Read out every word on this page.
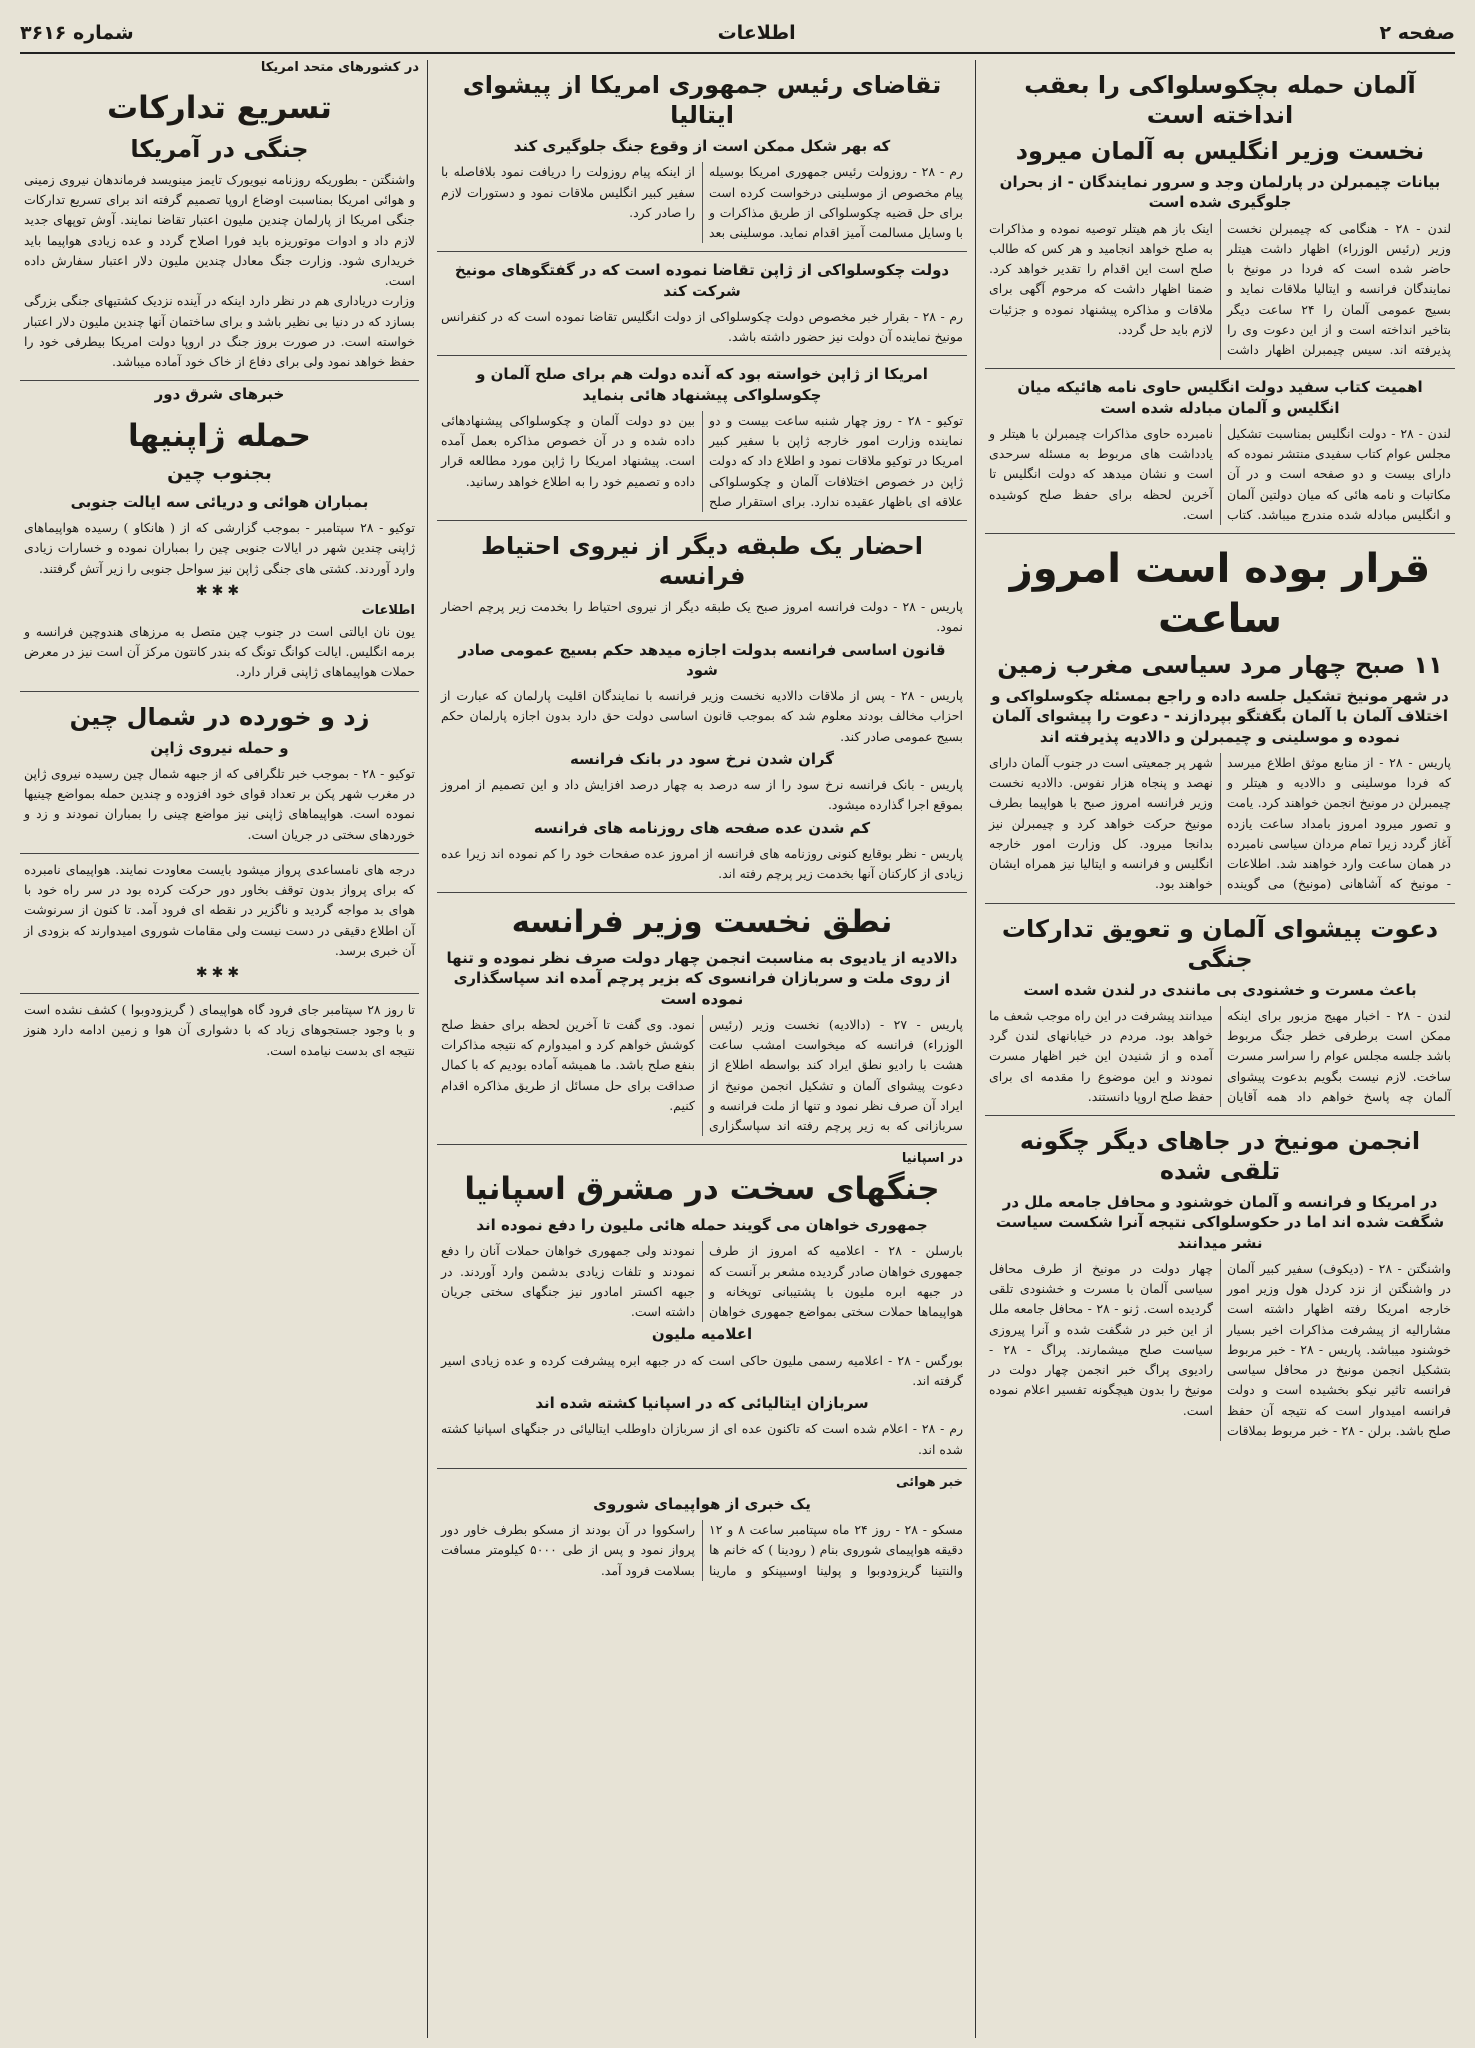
صفحه ۲
اطلاعات
شماره ۳۶۱۶
آلمان حمله بچکوسلواکی را بعقب انداخته است
نخست وزیر انگلیس به آلمان میرود
بیانات چیمبرلن در پارلمان وجد و سرور نمایندگان - از بحران جلوگیری شده است

لندن - ۲۸ - هنگامی که چیمبرلن نخست وزیر (رئیس الوزراء) اظهار داشت هیتلر حاضر شده است که فردا در مونیخ با نمایندگان فرانسه و ایتالیا ملاقات نماید و بسیج عمومی آلمان را ۲۴ ساعت دیگر بتاخیر انداخته است و از این دعوت وی را پذیرفته اند. سیس چیمبرلن اظهار داشت اینک باز هم هیتلر توصیه نموده و مذاکرات به صلح خواهد انجامید و هر کس که طالب صلح است این اقدام را تقدیر خواهد کرد. ضمنا اظهار داشت که مرحوم آگهی برای ملاقات و مذاکره پیشنهاد نموده و جزئیات لازم باید حل گردد.

اهمیت کتاب سفید دولت انگلیس حاوی نامه هائیکه میان انگلیس و آلمان مبادله شده است

لندن - ۲۸ - دولت انگلیس بمناسبت تشکیل مجلس عوام کتاب سفیدی منتشر نموده که دارای بیست و دو صفحه است و در آن مکاتبات و نامه هائی که میان دولتین آلمان و انگلیس مبادله شده مندرج میباشد. کتاب نامبرده حاوی مذاکرات چیمبرلن با هیتلر و یادداشت های مربوط به مسئله سرحدی است و نشان میدهد که دولت انگلیس تا آخرین لحظه برای حفظ صلح کوشیده است.

قرار بوده است امروز ساعت
۱۱ صبح چهار مرد سیاسی مغرب زمین
در شهر مونیخ تشکیل جلسه داده و راجع بمسئله چکوسلواکی و اختلاف آلمان با آلمان بگفتگو بپردازند - دعوت را پیشوای آلمان نموده و موسلینی و چیمبرلن و دالادیه پذیرفته اند

پاریس - ۲۸ - از منابع موثق اطلاع میرسد که فردا موسلینی و دالادیه و هیتلر و چیمبرلن در مونیخ انجمن خواهند کرد. یامت و تصور میرود امروز بامداد ساعت یازده آغاز گردد زیرا تمام مردان سیاسی نامبرده در همان ساعت وارد خواهند شد. اطلاعات - مونیخ که آشاهانی (مونیخ) می گوینده شهر پر جمعیتی است در جنوب آلمان دارای نهصد و پنجاه هزار نفوس. دالادیه نخست وزیر فرانسه امروز صبح با هواپیما بطرف مونیخ حرکت خواهد کرد و چیمبرلن نیز بدانجا میرود. کل وزارت امور خارجه انگلیس و فرانسه و ایتالیا نیز همراه ایشان خواهند بود.

دعوت پیشوای آلمان و تعویق تدارکات جنگی
باعث مسرت و خشنودی بی مانندی در لندن شده است

لندن - ۲۸ - اخبار مهیج مزبور برای اینکه ممکن است برطرفی خطر جنگ مربوط باشد جلسه مجلس عوام را سراسر مسرت ساخت. لازم نیست بگویم بدعوت پیشوای آلمان چه پاسخ خواهم داد همه آقایان میدانند پیشرفت در این راه موجب شعف ما خواهد بود. مردم در خیابانهای لندن گرد آمده و از شنیدن این خبر اظهار مسرت نمودند و این موضوع را مقدمه ای برای حفظ صلح اروپا دانستند.

انجمن مونیخ در جاهای دیگر چگونه تلقی شده
در امریکا و فرانسه و آلمان خوشنود و محافل جامعه ملل در شگفت شده اند اما در حکوسلواکی نتیجه آنرا شکست سیاست نشر میدانند

واشنگتن - ۲۸ - (دیکوف) سفیر کبیر آلمان در واشنگتن از نزد کردل هول وزیر امور خارجه امریکا رفته اظهار داشته است مشارالیه از پیشرفت مذاکرات اخیر بسیار خوشنود میباشد. پاریس - ۲۸ - خبر مربوط بتشکیل انجمن مونیخ در محافل سیاسی فرانسه تاثیر نیکو بخشیده است و دولت فرانسه امیدوار است که نتیجه آن حفظ صلح باشد. برلن - ۲۸ - خبر مربوط بملاقات چهار دولت در مونیخ از طرف محافل سیاسی آلمان با مسرت و خشنودی تلقی گردیده است. ژنو - ۲۸ - محافل جامعه ملل از این خبر در شگفت شده و آنرا پیروزی سیاست صلح میشمارند. پراگ - ۲۸ - رادیوی پراگ خبر انجمن چهار دولت در مونیخ را بدون هیچگونه تفسیر اعلام نموده است.

تقاضای رئیس جمهوری امریکا از پیشوای ایتالیا
که بهر شکل ممکن است از وقوع جنگ جلوگیری کند

رم - ۲۸ - روزولت رئیس جمهوری امریکا بوسیله پیام مخصوص از موسلینی درخواست کرده است برای حل قضیه چکوسلواکی از طریق مذاکرات و با وسایل مسالمت آمیز اقدام نماید. موسلینی بعد از اینکه پیام روزولت را دریافت نمود بلافاصله با سفیر کبیر انگلیس ملاقات نمود و دستورات لازم را صادر کرد.

دولت چکوسلواکی از ژاپن تقاضا نموده است که در گفتگوهای مونیخ شرکت کند

رم - ۲۸ - بقرار خبر مخصوص دولت چکوسلواکی از دولت انگلیس تقاضا نموده است که در کنفرانس مونیخ نماینده آن دولت نیز حضور داشته باشد.

امریکا از ژاپن خواسته بود که آنده دولت هم برای صلح آلمان و چکوسلواکی پیشنهاد هائی بنماید

توکیو - ۲۸ - روز چهار شنبه ساعت بیست و دو نماینده وزارت امور خارجه ژاپن با سفیر کبیر امریکا در توکیو ملاقات نمود و اطلاع داد که دولت ژاپن در خصوص اختلافات آلمان و چکوسلواکی علاقه ای باظهار عقیده ندارد. برای استقرار صلح بین دو دولت آلمان و چکوسلواکی پیشنهادهائی داده شده و در آن خصوص مذاکره بعمل آمده است. پیشنهاد امریکا را ژاپن مورد مطالعه قرار داده و تصمیم خود را به اطلاع خواهد رسانید.

احضار یک طبقه دیگر از نیروی احتیاط فرانسه

پاریس - ۲۸ - دولت فرانسه امروز صبح یک طبقه دیگر از نیروی احتیاط را بخدمت زیر پرچم احضار نمود.

قانون اساسی فرانسه بدولت اجازه میدهد حکم بسیج عمومی صادر شود

پاریس - ۲۸ - پس از ملاقات دالادیه نخست وزیر فرانسه با نمایندگان اقلیت پارلمان که عبارت از احزاب مخالف بودند معلوم شد که بموجب قانون اساسی دولت حق دارد بدون اجازه پارلمان حکم بسیج عمومی صادر کند.

گران شدن نرخ سود در بانک فرانسه

پاریس - بانک فرانسه نرخ سود را از سه درصد به چهار درصد افزایش داد و این تصمیم از امروز بموقع اجرا گذارده میشود.

کم شدن عده صفحه های روزنامه های فرانسه

پاریس - نظر بوقایع کنونی روزنامه های فرانسه از امروز عده صفحات خود را کم نموده اند زیرا عده زیادی از کارکنان آنها بخدمت زیر پرچم رفته اند.

نطق نخست وزیر فرانسه
دالادیه از یادیوی به مناسبت انجمن چهار دولت صرف نظر نموده و تنها از روی ملت و سربازان فرانسوی که بزیر پرچم آمده اند سپاسگذاری نموده است

پاریس - ۲۷ - (دالادیه) نخست وزیر (رئیس الوزراء) فرانسه که میخواست امشب ساعت هشت با رادیو نطق ایراد کند بواسطه اطلاع از دعوت پیشوای آلمان و تشکیل انجمن مونیخ از ایراد آن صرف نظر نمود و تنها از ملت فرانسه و سربازانی که به زیر پرچم رفته اند سپاسگزاری نمود. وی گفت تا آخرین لحظه برای حفظ صلح کوشش خواهم کرد و امیدوارم که نتیجه مذاکرات بنفع صلح باشد. ما همیشه آماده بودیم که با کمال صداقت برای حل مسائل از طریق مذاکره اقدام کنیم.

در اسپانیا
جنگهای سخت در مشرق اسپانیا
جمهوری خواهان می گویند حمله هائی ملیون را دفع نموده اند

بارسلن - ۲۸ - اعلامیه که امروز از طرف جمهوری خواهان صادر گردیده مشعر بر آنست که در جبهه ابره ملیون با پشتیبانی توپخانه و هواپیماها حملات سختی بمواضع جمهوری خواهان نمودند ولی جمهوری خواهان حملات آنان را دفع نمودند و تلفات زیادی بدشمن وارد آوردند. در جبهه اکستر امادور نیز جنگهای سختی جریان داشته است.

اعلامیه ملیون

بورگس - ۲۸ - اعلامیه رسمی ملیون حاکی است که در جبهه ابره پیشرفت کرده و عده زیادی اسیر گرفته اند.

سربازان ایتالیائی که در اسپانیا کشته شده اند

رم - ۲۸ - اعلام شده است که تاکنون عده ای از سربازان داوطلب ایتالیائی در جنگهای اسپانیا کشته شده اند.

خبر هوائی
یک خبری از هواپیمای شوروی

مسکو - ۲۸ - روز ۲۴ ماه سپتامبر ساعت ۸ و ۱۲ دقیقه هواپیمای شوروی بنام ( رودینا ) که خانم ها والنتینا گریزودوبوا و پولینا اوسیپنکو و مارینا راسکووا در آن بودند از مسکو بطرف خاور دور پرواز نمود و پس از طی ۵۰۰۰ کیلومتر مسافت بسلامت فرود آمد.

در کشورهای متحد امریکا
تسریع تدارکات
جنگی در آمریکا

واشنگتن - بطوریکه روزنامه نیویورک تایمز مینویسد فرماندهان نیروی زمینی و هوائی امریکا بمناسبت اوضاع اروپا تصمیم گرفته اند برای تسریع تدارکات جنگی امریکا از پارلمان چندین ملیون اعتبار تقاضا نمایند. آوش توپهای جدید لازم داد و ادوات موتوریزه باید فورا اصلاح گردد و عده زیادی هواپیما باید خریداری شود. وزارت جنگ معادل چندین ملیون دلار اعتبار سفارش داده است.

وزارت دریاداری هم در نظر دارد اینکه در آینده نزدیک کشتیهای جنگی بزرگی بسازد که در دنیا بی نظیر باشد و برای ساختمان آنها چندین ملیون دلار اعتبار خواسته است. در صورت بروز جنگ در اروپا دولت امریکا بیطرفی خود را حفظ خواهد نمود ولی برای دفاع از خاک خود آماده میباشد.

خبرهای شرق دور
حمله ژاپنیها
بجنوب چین
بمباران هوائی و دریائی سه ایالت جنوبی

توکیو - ۲۸ سپتامبر - بموجب گزارشی که از ( هانکاو ) رسیده هواپیماهای ژاپنی چندین شهر در ایالات جنوبی چین را بمباران نموده و خسارات زیادی وارد آوردند. کشتی های جنگی ژاپن نیز سواحل جنوبی را زیر آتش گرفتند.

✱✱✱
اطلاعات

یون نان ایالتی است در جنوب چین متصل به مرزهای هندوچین فرانسه و برمه انگلیس. ایالت کوانگ تونگ که بندر کانتون مرکز آن است نیز در معرض حملات هواپیماهای ژاپنی قرار دارد.

زد و خورده در شمال چین
و حمله نیروی ژاپن

توکیو - ۲۸ - بموجب خبر تلگرافی که از جبهه شمال چین رسیده نیروی ژاپن در مغرب شهر پکن بر تعداد قوای خود افزوده و چندین حمله بمواضع چینیها نموده است. هواپیماهای ژاپنی نیز مواضع چینی را بمباران نمودند و زد و خوردهای سختی در جریان است.

درجه های نامساعدی پرواز میشود بایست معاودت نمایند. هواپیمای نامبرده که برای پرواز بدون توقف بخاور دور حرکت کرده بود در سر راه خود با هوای بد مواجه گردید و ناگزیر در نقطه ای فرود آمد. تا کنون از سرنوشت آن اطلاع دقیقی در دست نیست ولی مقامات شوروی امیدوارند که بزودی از آن خبری برسد.

✱✱✱

تا روز ۲۸ سپتامبر جای فرود گاه هواپیمای ( گریزودوبوا ) کشف نشده است و با وجود جستجوهای زیاد که با دشواری آن هوا و زمین ادامه دارد هنوز نتیجه ای بدست نیامده است.
